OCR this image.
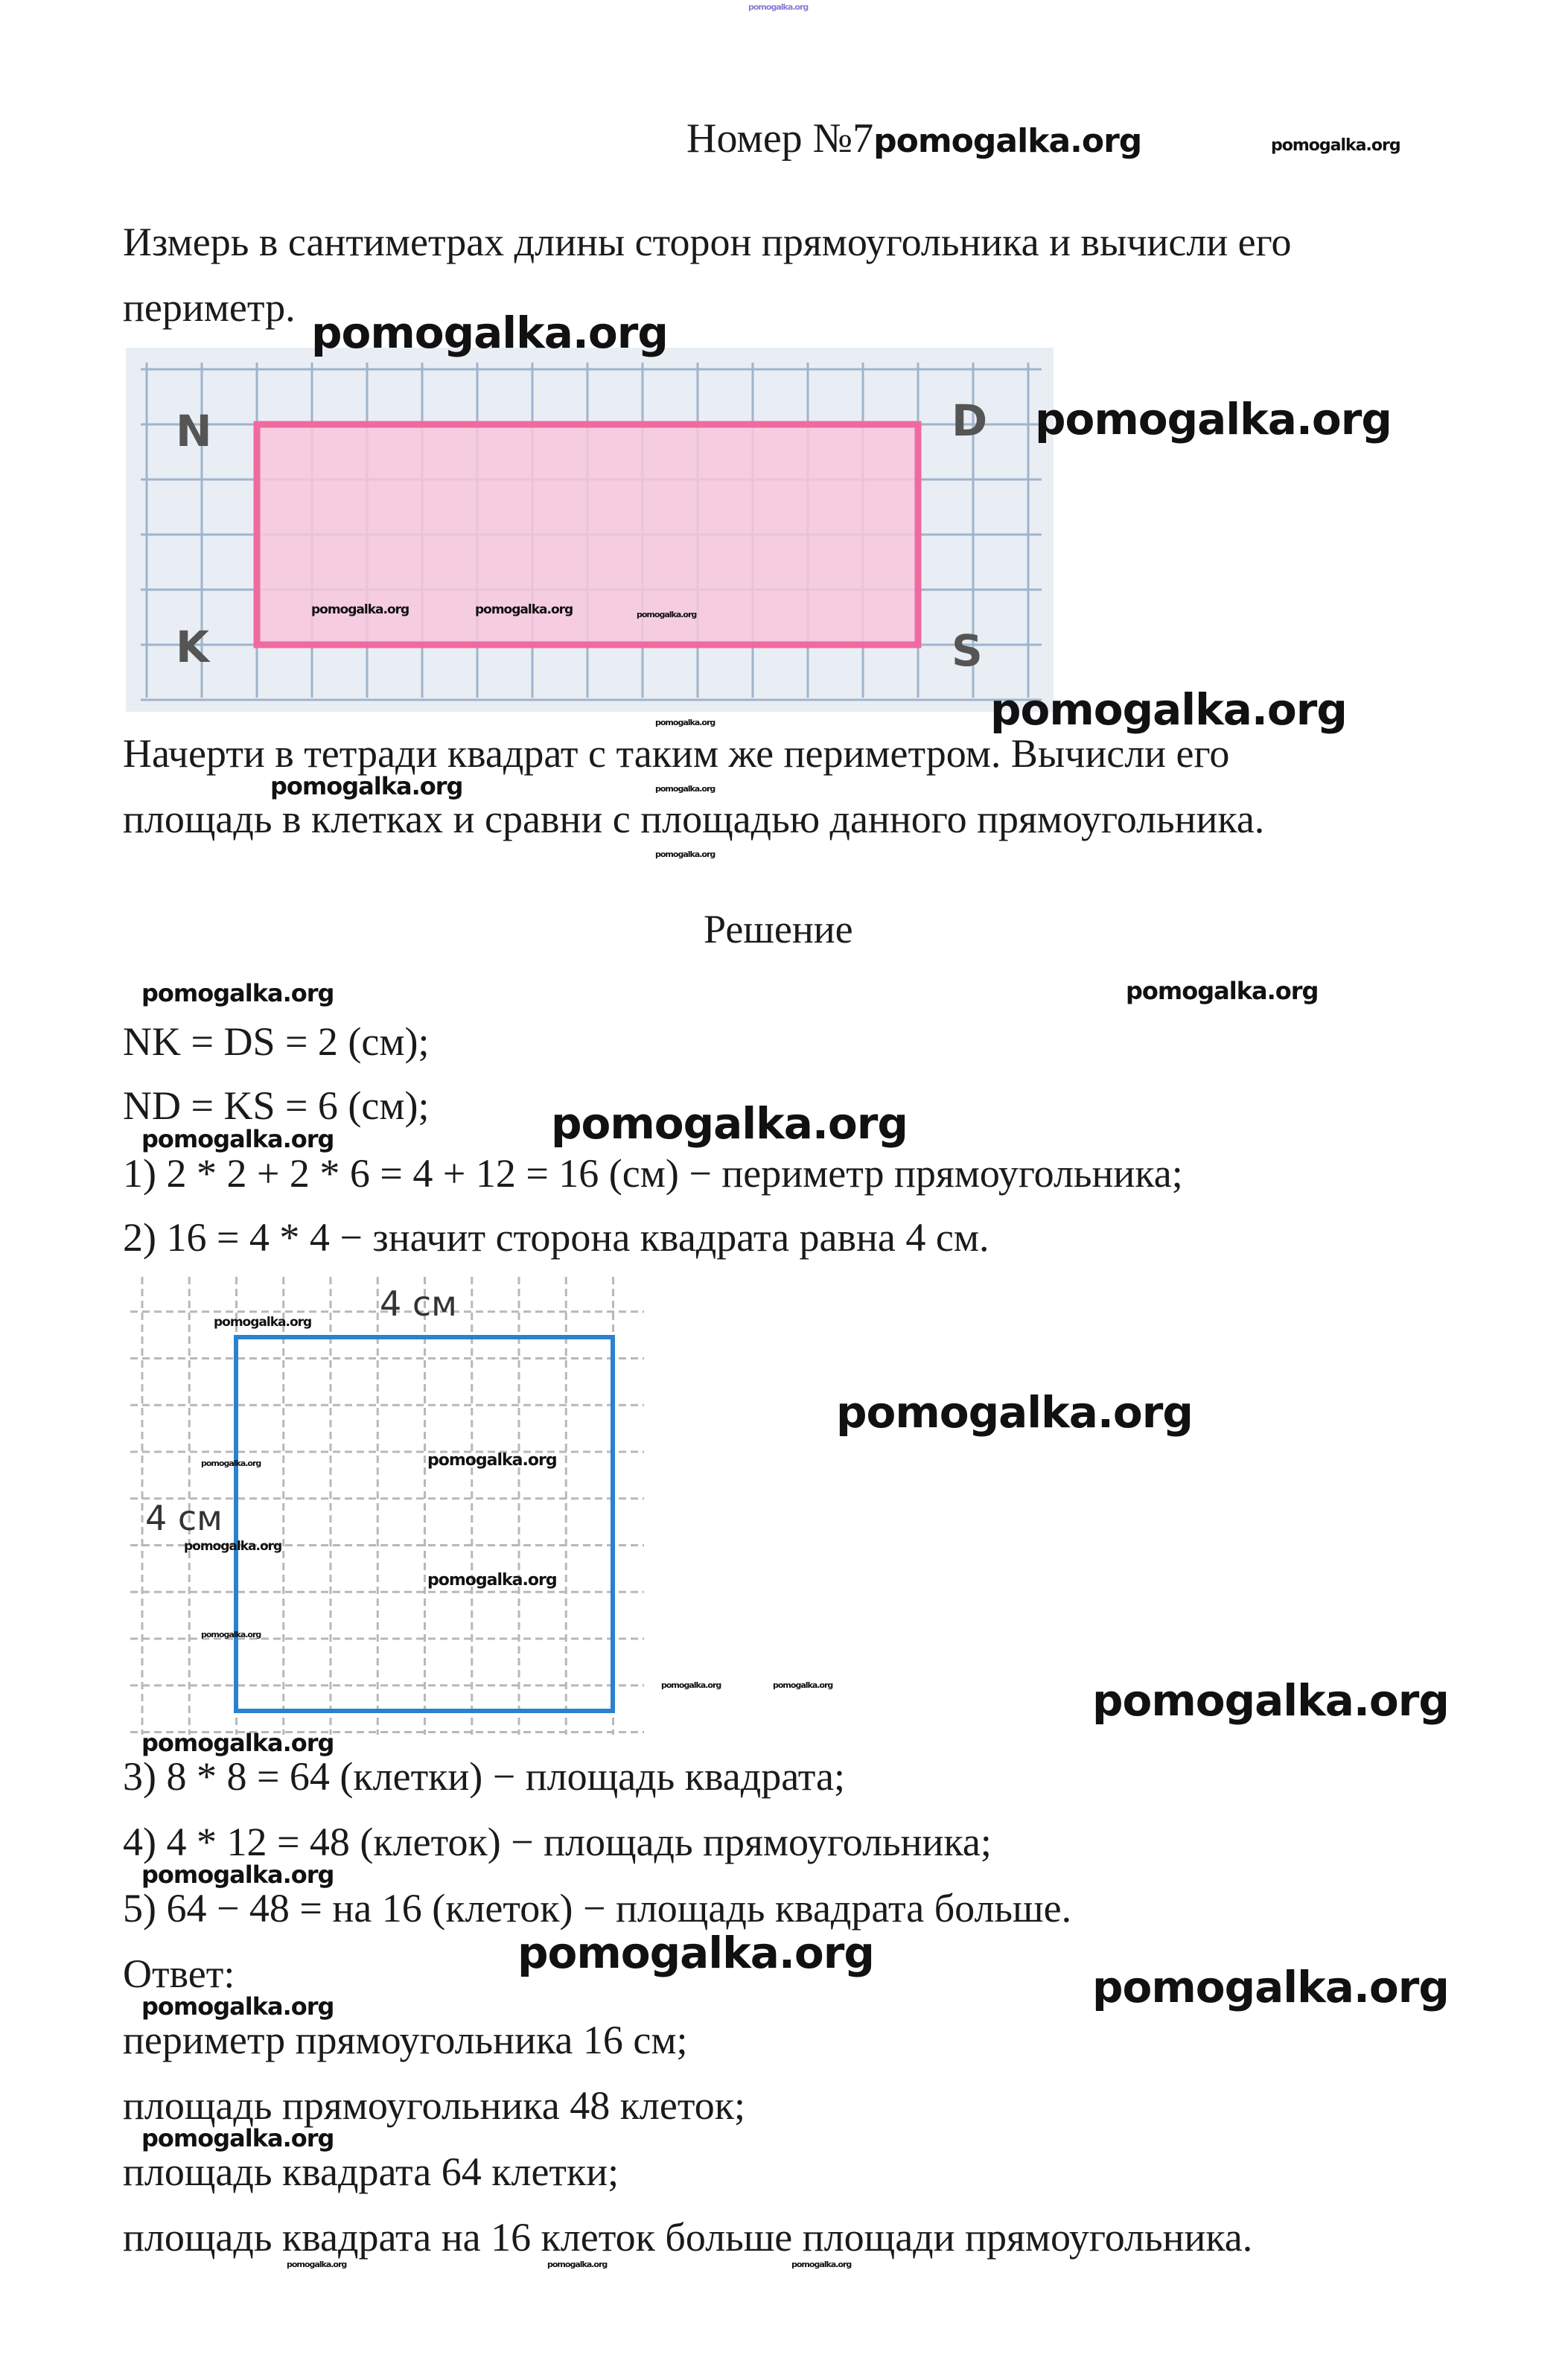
Номер №7pomogalka.org
Измерь в сантиметрах длины сторон прямоугольника и вычисли его
периметр.
N	D
K	S
Начерти в тетради квадрат с таким же периметром. Вычисли его
площадь в клетках и сравни с площадью данного прямоугольника.
Решение
NK = DS = 2 (см);
ND = KS = 6 (см);
1) 2 * 2 + 2 * 6 = 4 + 12 = 16 (см) − периметр прямоугольника;
2) 16 = 4 * 4 − значит сторона квадрата равна 4 см.
4 см
4 см
3) 8 * 8 = 64 (клетки) − площадь квадрата;
4) 4 * 12 = 48 (клеток) − площадь прямоугольника;
5) 64 − 48 = на 16 (клеток) − площадь квадрата больше.
Ответ:
периметр прямоугольника 16 см;
площадь прямоугольника 48 клеток;
площадь квадрата 64 клетки;
площадь квадрата на 16 клеток больше площади прямоугольника.
pomogalka.org
pomogalka.org
pomogalka.org
pomogalka.org
pomogalka.org	pomogalka.org	pomogalka.org
pomogalka.org	pomogalka.org
pomogalka.org	pomogalka.org
pomogalka.org
pomogalka.org	pomogalka.org
pomogalka.org	pomogalka.org
pomogalka.org
pomogalka.org
pomogalka.org	pomogalka.org
pomogalka.org
pomogalka.org
pomogalka.org
pomogalka.org	pomogalka.org	pomogalka.org
pomogalka.org
pomogalka.org
pomogalka.org
pomogalka.org	pomogalka.org
pomogalka.org
pomogalka.org	pomogalka.org	pomogalka.org
